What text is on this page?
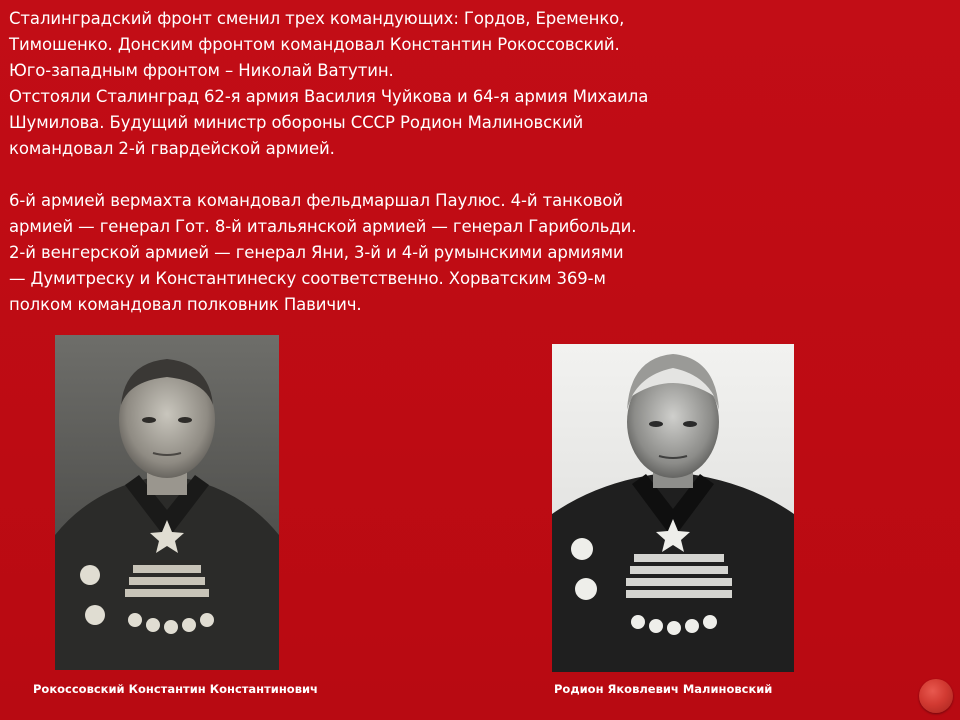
Сталинградский фронт сменил трех командующих: Гордов, Еременко,
Тимошенко. Донским фронтом командовал Константин Рокоссовский.
Юго-западным фронтом – Николай Ватутин.
Отстояли Сталинград 62-я армия Василия Чуйкова и 64-я армия Михаила
Шумилова. Будущий министр обороны СССР Родион Малиновский
командовал 2-й гвардейской армией.

6-й армией вермахта командовал фельдмаршал Паулюс. 4-й танковой
армией — генерал Гот. 8-й итальянской армией — генерал Гарибольди.
2-й венгерской армией — генерал Яни, 3-й и 4-й румынскими армиями
— Думитреску и Константинеску соответственно. Хорватским 369-м
полком командовал полковник Павичич.

Рокоссовский Константин Константинович	Родион Яковлевич Малиновский
